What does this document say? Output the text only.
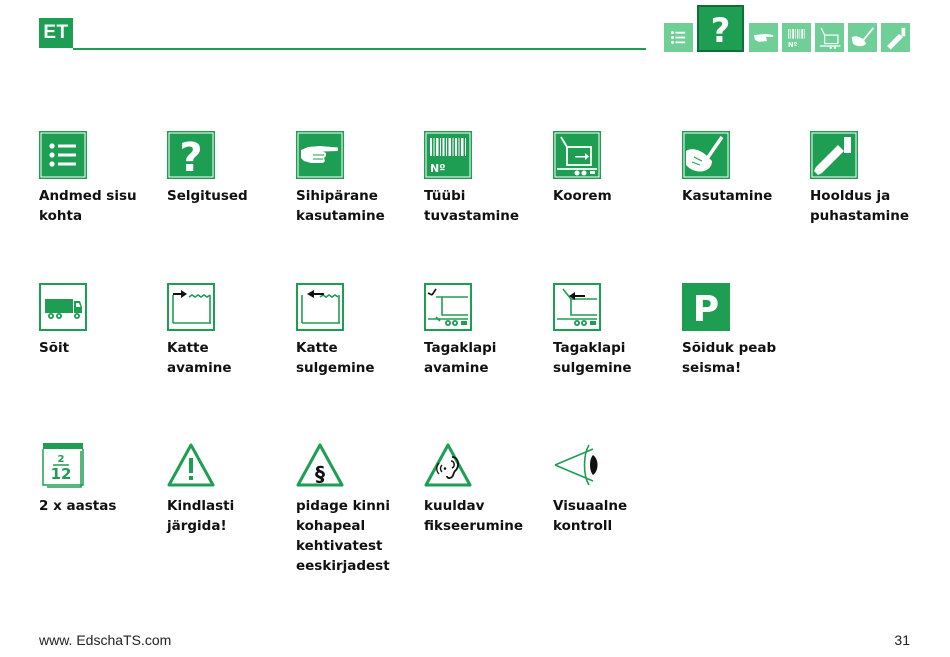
ET	?	Nº
Andmed sisu
kohta
?
Selgitused	Sihipärane
kasutamine
Nº
Tüübi
tuvastamine
Koorem	Kasutamine	Hooldus ja
puhastamine
Sõit	Katte
avamine
Katte
sulgemine
Tagaklapi
avamine
Tagaklapi
sulgemine
P
Sõiduk peab
seisma!
2
12
2 x aastas	Kindlasti
järgida!
§
pidage kinni
kohapeal
kehtivatest
eeskirjadest
kuuldav
fikseerumine
Visuaalne
kontroll
www. EdschaTS.com	31
